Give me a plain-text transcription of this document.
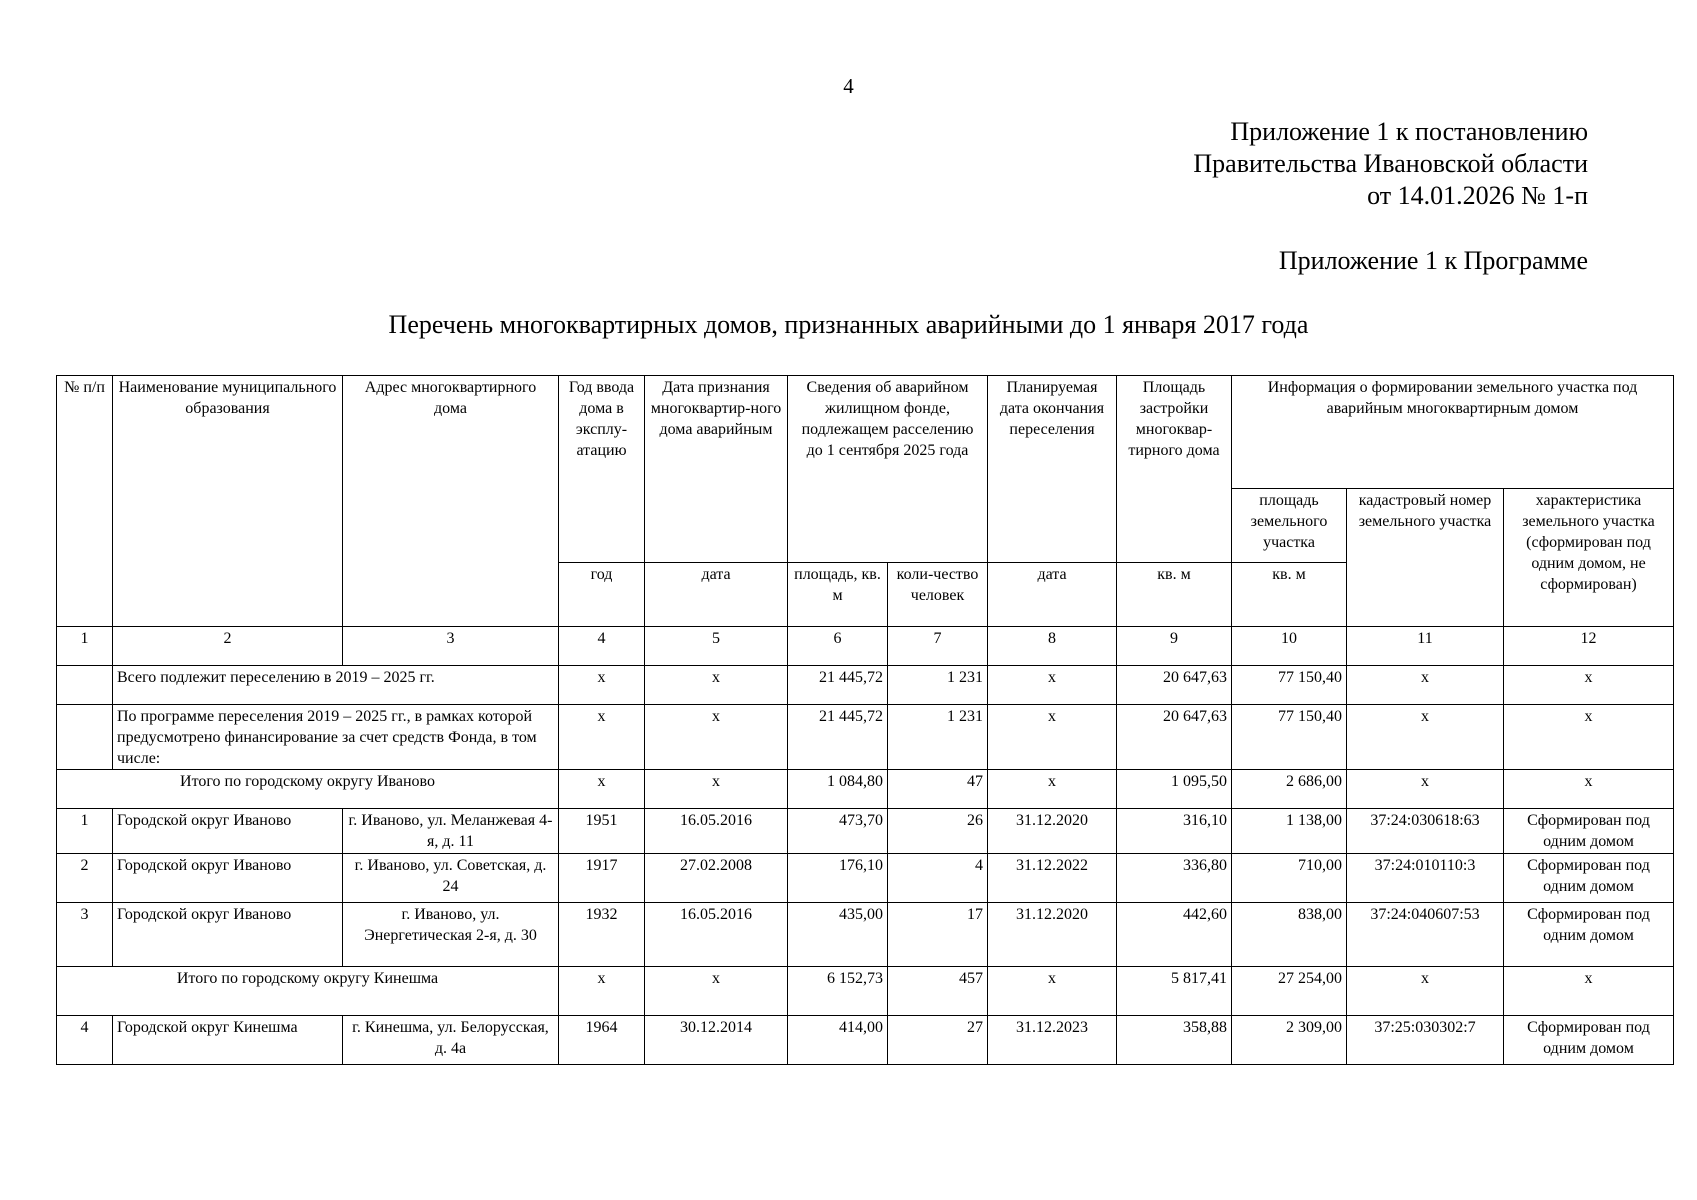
4
Приложение 1 к постановлению
Правительства Ивановской области
от 14.01.2026 № 1-п
Приложение 1 к Программе
Перечень многоквартирных домов, признанных аварийными до 1 января 2017 года
№ п/п	Наименование муниципального образования	Адрес многоквартирного дома	Год ввода дома в эксплу-атацию	Дата признания многоквартир-ного дома аварийным	Сведения об аварийном жилищном фонде, подлежащем расселению до 1 сентября 2025 года		Планируемая дата окончания переселения	Площадь застройки многоквар-тирного дома	Информация о формировании земельного участка под аварийным многоквартирным домом		
									площадь земельного участка	кадастровый номер земельного участка	характеристика земельного участка (сформирован под одним домом, не сформирован)
			год	дата	площадь, кв. м	коли-чество человек	дата	кв. м	кв. м		
1	2	3	4	5	6	7	8	9	10	11	12
	Всего подлежит переселению в 2019 – 2025 гг.		х	х	21 445,72	1 231	х	20 647,63	77 150,40	х	х
	По программе переселения 2019 – 2025 гг., в рамках которой предусмотрено финансирование за счет средств Фонда, в том числе:		х	х	21 445,72	1 231	х	20 647,63	77 150,40	х	х
Итого по городскому округу Иваново			х	х	1 084,80	47	х	1 095,50	2 686,00	х	х
1	Городской округ Иваново	г. Иваново, ул. Меланжевая 4-я, д. 11	1951	16.05.2016	473,70	26	31.12.2020	316,10	1 138,00	37:24:030618:63	Сформирован под одним домом
2	Городской округ Иваново	г. Иваново, ул. Советская, д. 24	1917	27.02.2008	176,10	4	31.12.2022	336,80	710,00	37:24:010110:3	Сформирован под одним домом
3	Городской округ Иваново	г. Иваново, ул. Энергетическая 2-я, д. 30	1932	16.05.2016	435,00	17	31.12.2020	442,60	838,00	37:24:040607:53	Сформирован под одним домом
Итого по городскому округу Кинешма			х	х	6 152,73	457	х	5 817,41	27 254,00	х	х
4	Городской округ Кинешма	г. Кинешма, ул. Белорусская, д. 4а	1964	30.12.2014	414,00	27	31.12.2023	358,88	2 309,00	37:25:030302:7	Сформирован под одним домом
